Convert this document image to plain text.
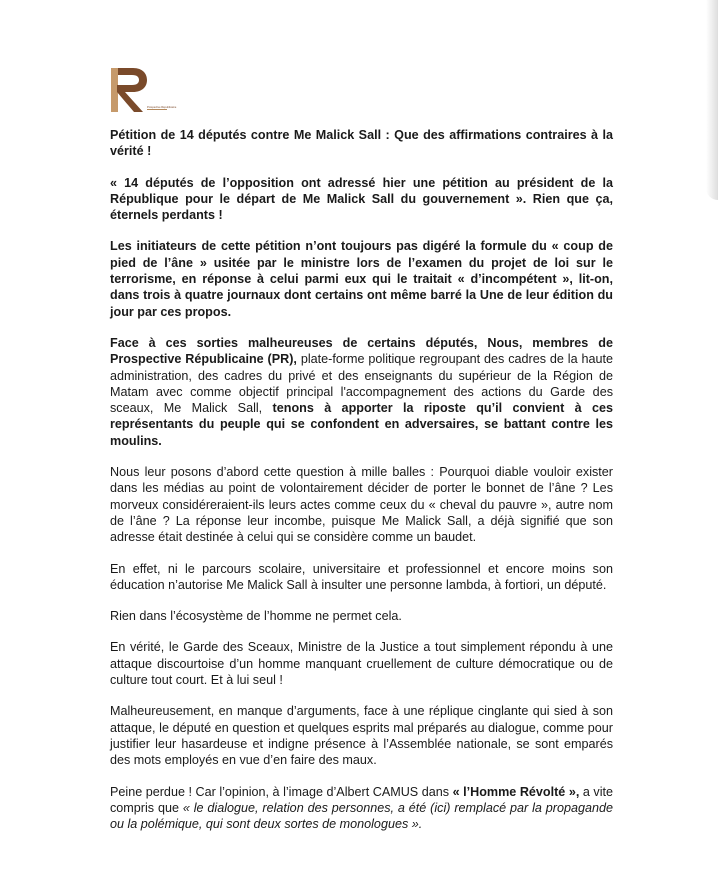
Prospective Républicaine

Pétition de 14 députés contre Me Malick Sall : Que des affirmations contraires à la vérité !

« 14 députés de l’opposition ont adressé hier une pétition au président de la République pour le départ de Me Malick Sall du gouvernement ». Rien que ça, éternels perdants !

Les initiateurs de cette pétition n’ont toujours pas digéré la formule du « coup de pied de l’âne » usitée par le ministre lors de l’examen du projet de loi sur le terrorisme, en réponse à celui parmi eux qui le traitait « d’incompétent », lit-on, dans trois à quatre journaux dont certains ont même barré la Une de leur édition du jour par ces propos.

Face à ces sorties malheureuses de certains députés, Nous, membres de Prospective Républicaine (PR), plate-forme politique regroupant des cadres de la haute administration, des cadres du privé et des enseignants du supérieur de la Région de Matam avec comme objectif principal l'accompagnement des actions du Garde des sceaux, Me Malick Sall, tenons à apporter la riposte qu’il convient à ces représentants du peuple qui se confondent en adversaires, se battant contre les moulins.

Nous leur posons d’abord cette question à mille balles : Pourquoi diable vouloir exister dans les médias au point de volontairement décider de porter le bonnet de l’âne ? Les morveux considéreraient-ils leurs actes comme ceux du « cheval du pauvre », autre nom de l’âne ? La réponse leur incombe, puisque Me Malick Sall, a déjà signifié que son adresse était destinée à celui qui se considère comme un baudet.

En effet, ni le parcours scolaire, universitaire et professionnel et encore moins son éducation n’autorise Me Malick Sall à insulter une personne lambda, à fortiori, un député.

Rien dans l’écosystème de l’homme ne permet cela.

En vérité, le Garde des Sceaux, Ministre de la Justice a tout simplement répondu à une attaque discourtoise d’un homme manquant cruellement de culture démocratique ou de culture tout court. Et à lui seul !

Malheureusement, en manque d’arguments, face à une réplique cinglante qui sied à son attaque, le député en question et quelques esprits mal préparés au dialogue, comme pour justifier leur hasardeuse et indigne présence à l’Assemblée nationale, se sont emparés des mots employés en vue d’en faire des maux.

Peine perdue ! Car l’opinion, à l’image d’Albert CAMUS dans « l’Homme Révolté », a vite compris que « le dialogue, relation des personnes, a été (ici) remplacé par la propagande ou la polémique, qui sont deux sortes de monologues ».
